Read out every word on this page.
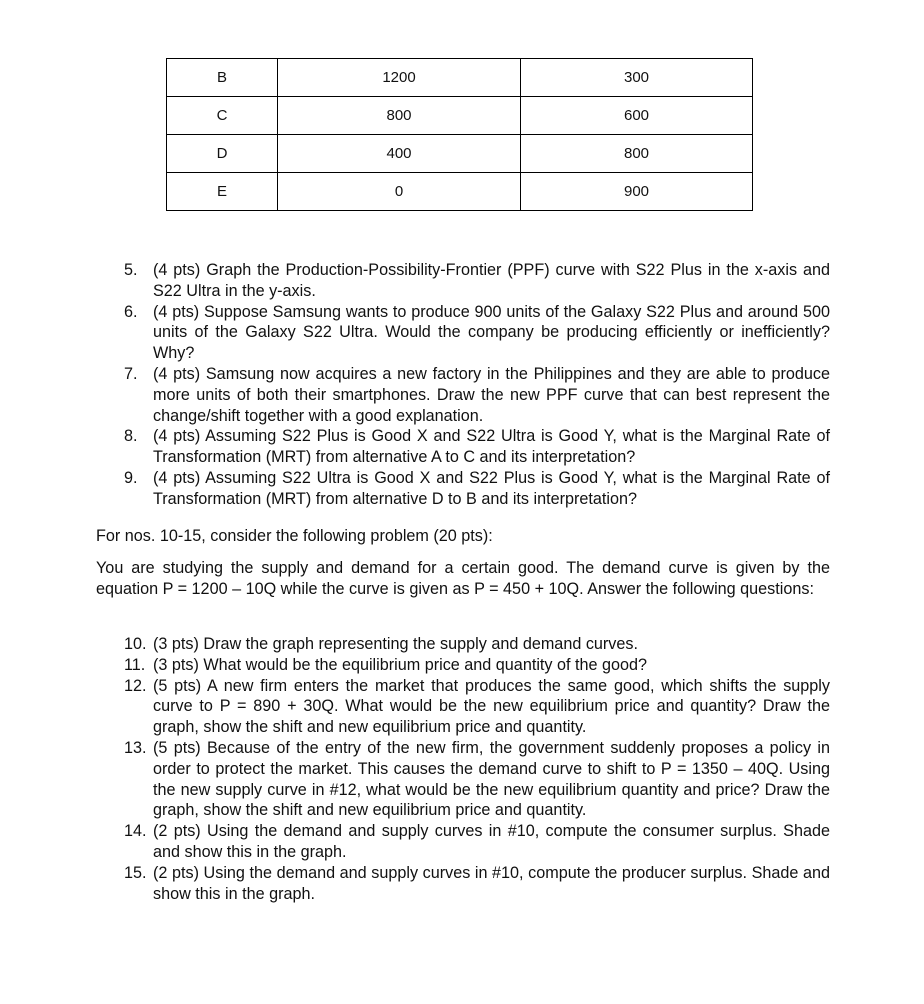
B	1200	300
C	800	600
D	400	800
E	0	900
5. (4 pts) Graph the Production-Possibility-Frontier (PPF) curve with S22 Plus in the x-axis and S22 Ultra in the y-axis.
6. (4 pts) Suppose Samsung wants to produce 900 units of the Galaxy S22 Plus and around 500 units of the Galaxy S22 Ultra. Would the company be producing efficiently or inefficiently? Why?
7. (4 pts) Samsung now acquires a new factory in the Philippines and they are able to produce more units of both their smartphones. Draw the new PPF curve that can best represent the change/shift together with a good explanation.
8. (4 pts) Assuming S22 Plus is Good X and S22 Ultra is Good Y, what is the Marginal Rate of Transformation (MRT) from alternative A to C and its interpretation?
9. (4 pts) Assuming S22 Ultra is Good X and S22 Plus is Good Y, what is the Marginal Rate of Transformation (MRT) from alternative D to B and its interpretation?
For nos. 10-15, consider the following problem (20 pts):
You are studying the supply and demand for a certain good. The demand curve is given by the equation P = 1200 – 10Q while the curve is given as P = 450 + 10Q. Answer the following questions:
10. (3 pts) Draw the graph representing the supply and demand curves.
11. (3 pts) What would be the equilibrium price and quantity of the good?
12. (5 pts) A new firm enters the market that produces the same good, which shifts the supply curve to P = 890 + 30Q. What would be the new equilibrium price and quantity? Draw the graph, show the shift and new equilibrium price and quantity.
13. (5 pts) Because of the entry of the new firm, the government suddenly proposes a policy in order to protect the market. This causes the demand curve to shift to P = 1350 – 40Q. Using the new supply curve in #12, what would be the new equilibrium quantity and price? Draw the graph, show the shift and new equilibrium price and quantity.
14. (2 pts) Using the demand and supply curves in #10, compute the consumer surplus. Shade and show this in the graph.
15. (2 pts) Using the demand and supply curves in #10, compute the producer surplus. Shade and show this in the graph.
